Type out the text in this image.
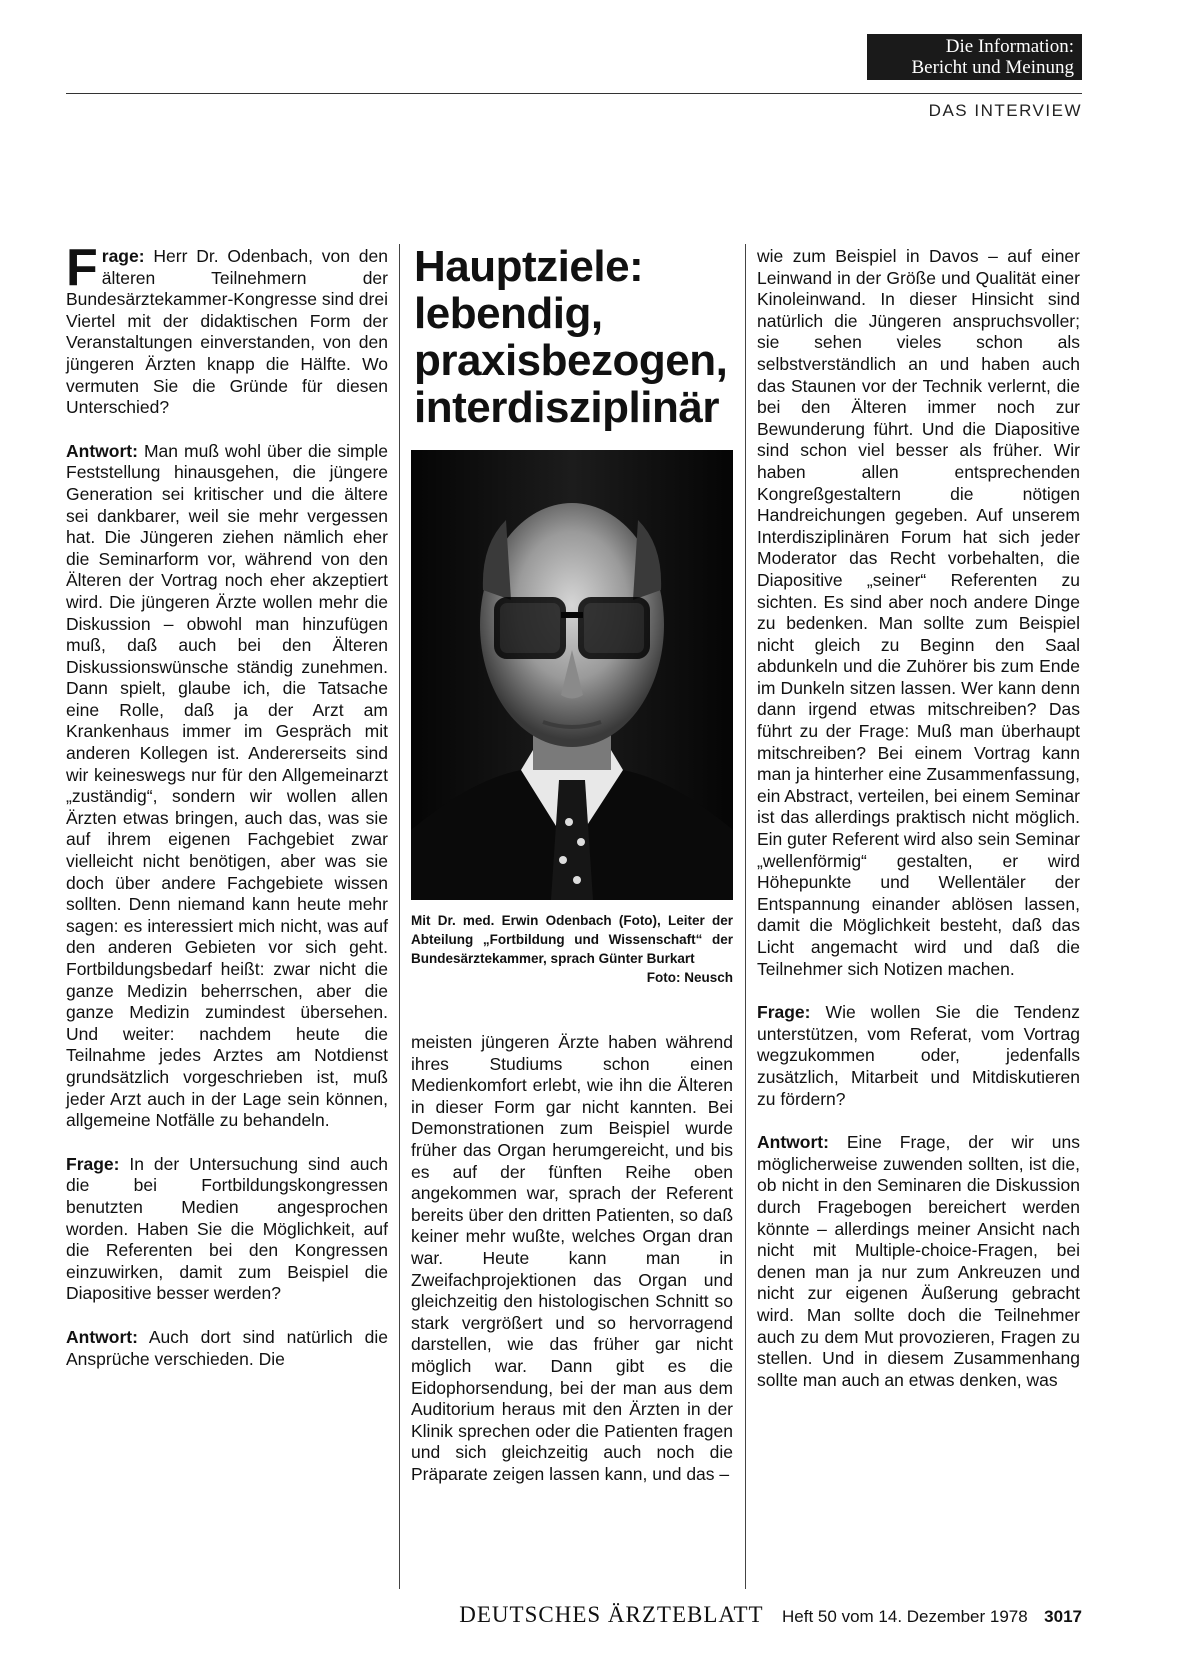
Die Information:
Bericht und Meinung
DAS INTERVIEW

Frage: Herr Dr. Odenbach, von den älteren Teilnehmern der Bundesärztekammer-Kongresse sind drei Viertel mit der didaktischen Form der Veranstaltungen einverstanden, von den jüngeren Ärzten knapp die Hälfte. Wo vermuten Sie die Gründe für diesen Unterschied?

Antwort: Man muß wohl über die simple Feststellung hinausgehen, die jüngere Generation sei kritischer und die ältere sei dankbarer, weil sie mehr vergessen hat. Die Jüngeren ziehen nämlich eher die Seminarform vor, während von den Älteren der Vortrag noch eher akzeptiert wird. Die jüngeren Ärzte wollen mehr die Diskussion – obwohl man hinzufügen muß, daß auch bei den Älteren Diskussionswünsche ständig zunehmen. Dann spielt, glaube ich, die Tatsache eine Rolle, daß ja der Arzt am Krankenhaus immer im Gespräch mit anderen Kollegen ist. Andererseits sind wir keineswegs nur für den Allgemeinarzt „zuständig“, sondern wir wollen allen Ärzten etwas bringen, auch das, was sie auf ihrem eigenen Fachgebiet zwar vielleicht nicht benötigen, aber was sie doch über andere Fachgebiete wissen sollten. Denn niemand kann heute mehr sagen: es interessiert mich nicht, was auf den anderen Gebieten vor sich geht. Fortbildungsbedarf heißt: zwar nicht die ganze Medizin beherrschen, aber die ganze Medizin zumindest übersehen. Und weiter: nachdem heute die Teilnahme jedes Arztes am Notdienst grundsätzlich vorgeschrieben ist, muß jeder Arzt auch in der Lage sein können, allgemeine Notfälle zu behandeln.

Frage: In der Untersuchung sind auch die bei Fortbildungskongressen benutzten Medien angesprochen worden. Haben Sie die Möglichkeit, auf die Referenten bei den Kongressen einzuwirken, damit zum Beispiel die Diapositive besser werden?

Antwort: Auch dort sind natürlich die Ansprüche verschieden. Die

Hauptziele: lebendig, praxisbezogen, interdisziplinär
Mit Dr. med. Erwin Odenbach (Foto), Leiter der Abteilung „Fortbildung und Wissenschaft“ der Bundesärztekammer, sprach Günter Burkart
Foto: Neusch

meisten jüngeren Ärzte haben während ihres Studiums schon einen Medienkomfort erlebt, wie ihn die Älteren in dieser Form gar nicht kannten. Bei Demonstrationen zum Beispiel wurde früher das Organ herumgereicht, und bis es auf der fünften Reihe oben angekommen war, sprach der Referent bereits über den dritten Patienten, so daß keiner mehr wußte, welches Organ dran war. Heute kann man in Zweifachprojektionen das Organ und gleichzeitig den histologischen Schnitt so stark vergrößert und so hervorragend darstellen, wie das früher gar nicht möglich war. Dann gibt es die Eidophorsendung, bei der man aus dem Auditorium heraus mit den Ärzten in der Klinik sprechen oder die Patienten fragen und sich gleichzeitig auch noch die Präparate zeigen lassen kann, und das –

wie zum Beispiel in Davos – auf einer Leinwand in der Größe und Qualität einer Kinoleinwand. In dieser Hinsicht sind natürlich die Jüngeren anspruchsvoller; sie sehen vieles schon als selbstverständlich an und haben auch das Staunen vor der Technik verlernt, die bei den Älteren immer noch zur Bewunderung führt. Und die Diapositive sind schon viel besser als früher. Wir haben allen entsprechenden Kongreßgestaltern die nötigen Handreichungen gegeben. Auf unserem Interdisziplinären Forum hat sich jeder Moderator das Recht vorbehalten, die Diapositive „seiner“ Referenten zu sichten. Es sind aber noch andere Dinge zu bedenken. Man sollte zum Beispiel nicht gleich zu Beginn den Saal abdunkeln und die Zuhörer bis zum Ende im Dunkeln sitzen lassen. Wer kann denn dann irgend etwas mitschreiben? Das führt zu der Frage: Muß man überhaupt mitschreiben? Bei einem Vortrag kann man ja hinterher eine Zusammenfassung, ein Abstract, verteilen, bei einem Seminar ist das allerdings praktisch nicht möglich. Ein guter Referent wird also sein Seminar „wellenförmig“ gestalten, er wird Höhepunkte und Wellentäler der Entspannung einander ablösen lassen, damit die Möglichkeit besteht, daß das Licht angemacht wird und daß die Teilnehmer sich Notizen machen.

Frage: Wie wollen Sie die Tendenz unterstützen, vom Referat, vom Vortrag wegzukommen oder, jedenfalls zusätzlich, Mitarbeit und Mitdiskutieren zu fördern?

Antwort: Eine Frage, der wir uns möglicherweise zuwenden sollten, ist die, ob nicht in den Seminaren die Diskussion durch Fragebogen bereichert werden könnte – allerdings meiner Ansicht nach nicht mit Multiple-choice-Fragen, bei denen man ja nur zum Ankreuzen und nicht zur eigenen Äußerung gebracht wird. Man sollte doch die Teilnehmer auch zu dem Mut provozieren, Fragen zu stellen. Und in diesem Zusammenhang sollte man auch an etwas denken, was

DEUTSCHES ÄRZTEBLATT Heft 50 vom 14. Dezember 1978 3017
